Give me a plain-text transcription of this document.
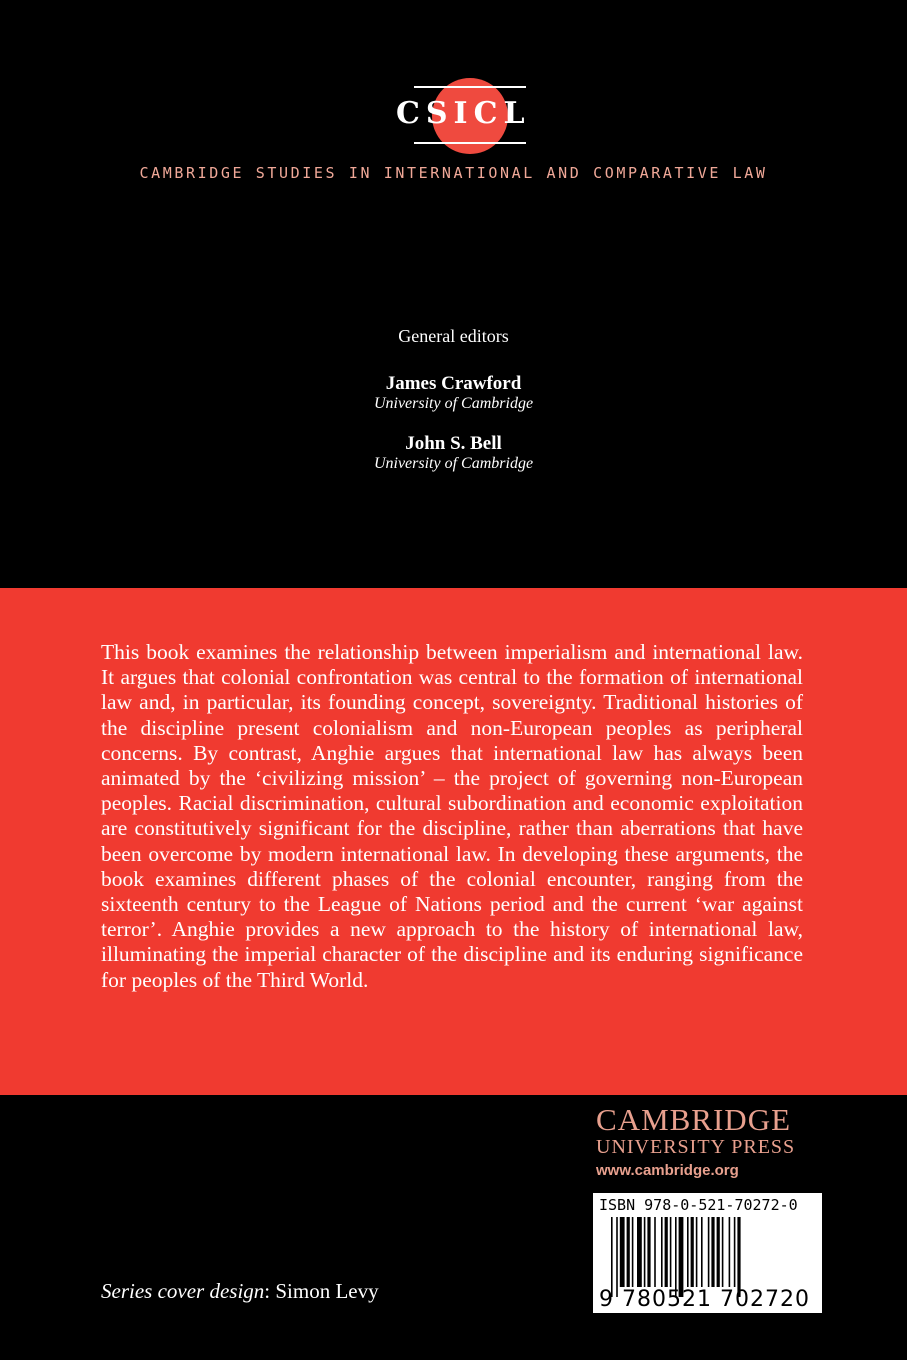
CSICL
CAMBRIDGE STUDIES IN INTERNATIONAL AND COMPARATIVE LAW
General editors
James Crawford
University of Cambridge
John S. Bell
University of Cambridge

This book examines the relationship between imperialism and international law. It argues that colonial confrontation was central to the formation of international law and, in particular, its founding concept, sovereignty. Traditional histories of the discipline present colonialism and non-European peoples as peripheral concerns. By contrast, Anghie argues that international law has always been animated by the ‘civilizing mission’ – the project of governing non-European peoples. Racial discrimination, cultural subordination and economic exploitation are constitutively significant for the discipline, rather than aberrations that have been overcome by modern international law. In developing these arguments, the book examines different phases of the colonial encounter, ranging from the sixteenth century to the League of Nations period and the current ‘war against terror’. Anghie provides a new approach to the history of international law, illuminating the imperial character of the discipline and its enduring significance for peoples of the Third World.

CAMBRIDGE
UNIVERSITY PRESS
www.cambridge.org
ISBN 978-0-521-70272-0
9 780521 702720 >
Series cover design: Simon Levy
